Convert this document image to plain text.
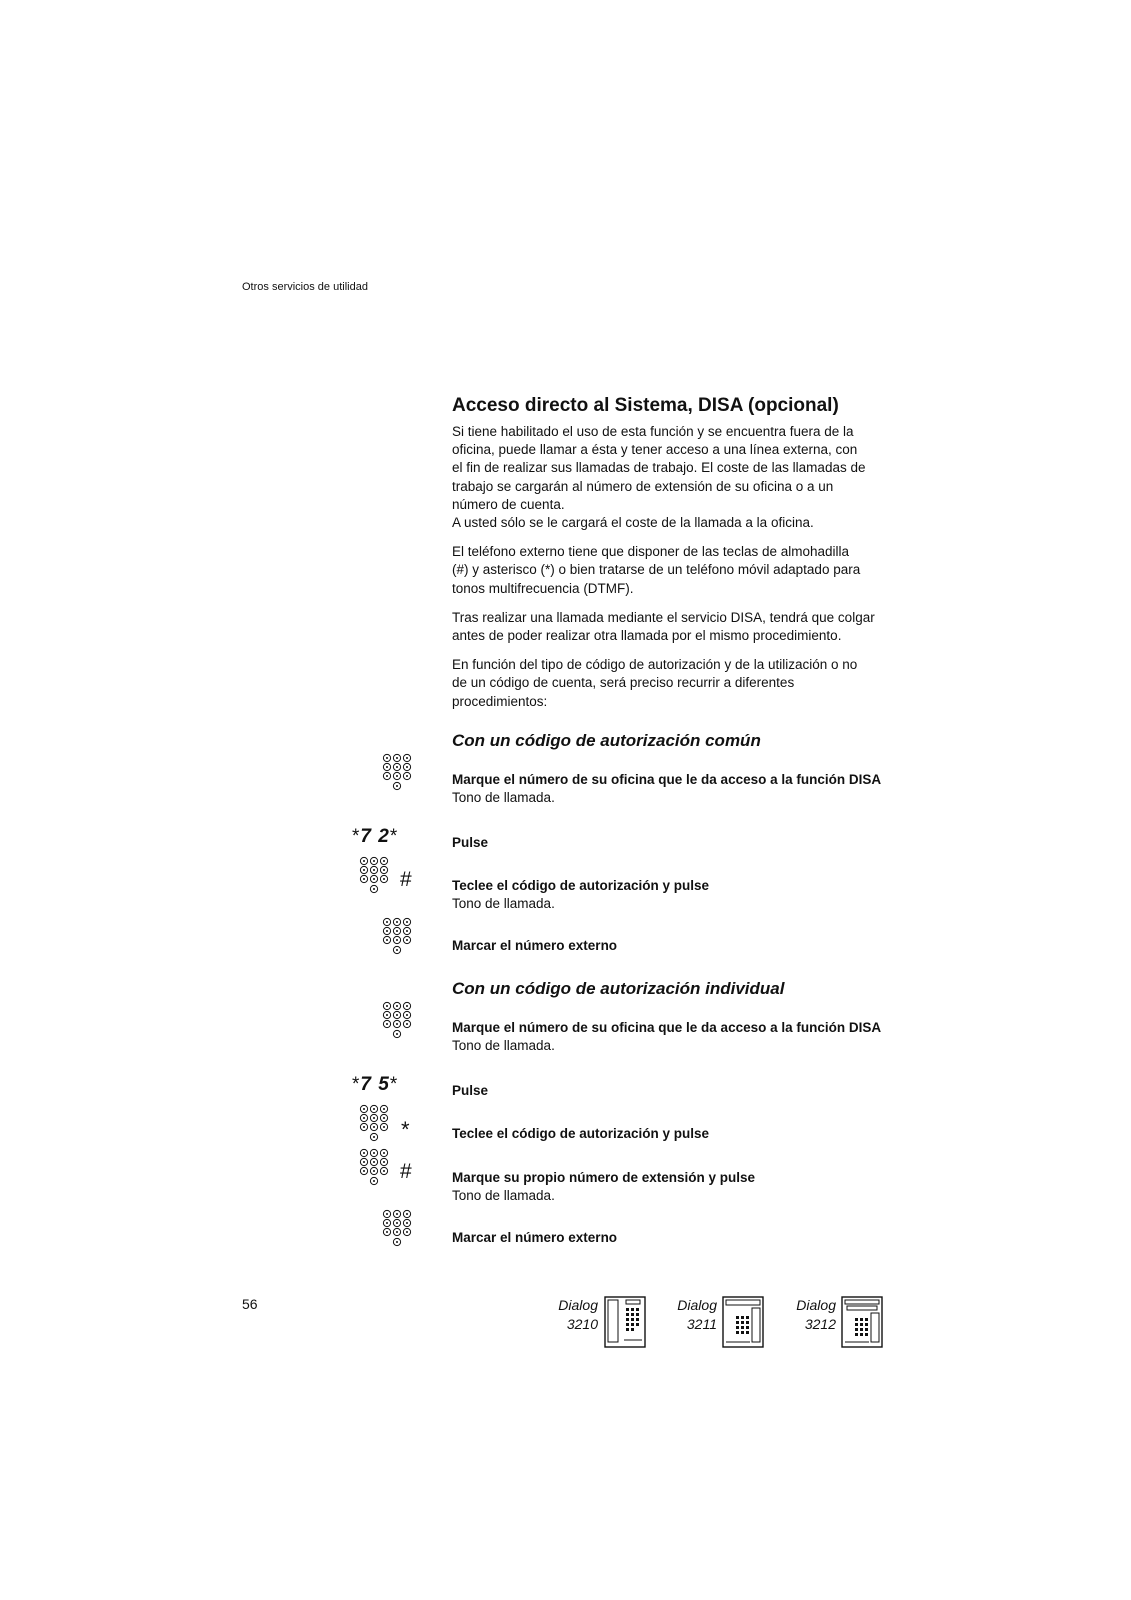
Otros servicios de utilidad
Acceso directo al Sistema, DISA (opcional)

Si tiene habilitado el uso de esta función y se encuentra fuera de la
oficina, puede llamar a ésta y tener acceso a una línea externa, con
el fin de realizar sus llamadas de trabajo. El coste de las llamadas de
trabajo se cargarán al número de extensión de su oficina o a un
número de cuenta.
A usted sólo se le cargará el coste de la llamada a la oficina.

El teléfono externo tiene que disponer de las teclas de almohadilla
(#) y asterisco (*) o bien tratarse de un teléfono móvil adaptado para
tonos multifrecuencia (DTMF).

Tras realizar una llamada mediante el servicio DISA, tendrá que colgar
antes de poder realizar otra llamada por el mismo procedimiento.

En función del tipo de código de autorización y de la utilización o no
de un código de cuenta, será preciso recurrir a diferentes
procedimientos:

Con un código de autorización común
Marque el número de su oficina que le da acceso a la función DISA
Tono de llamada.
*7 2*	Pulse
#	Teclee el código de autorización y pulse
Tono de llamada.
Marcar el número externo
Con un código de autorización individual
Marque el número de su oficina que le da acceso a la función DISA
Tono de llamada.
*7 5*	Pulse
*	Teclee el código de autorización y pulse
#	Marque su propio número de extensión y pulse
Tono de llamada.
Marcar el número externo
56	Dialog
3210
Dialog
3211
Dialog
3212
